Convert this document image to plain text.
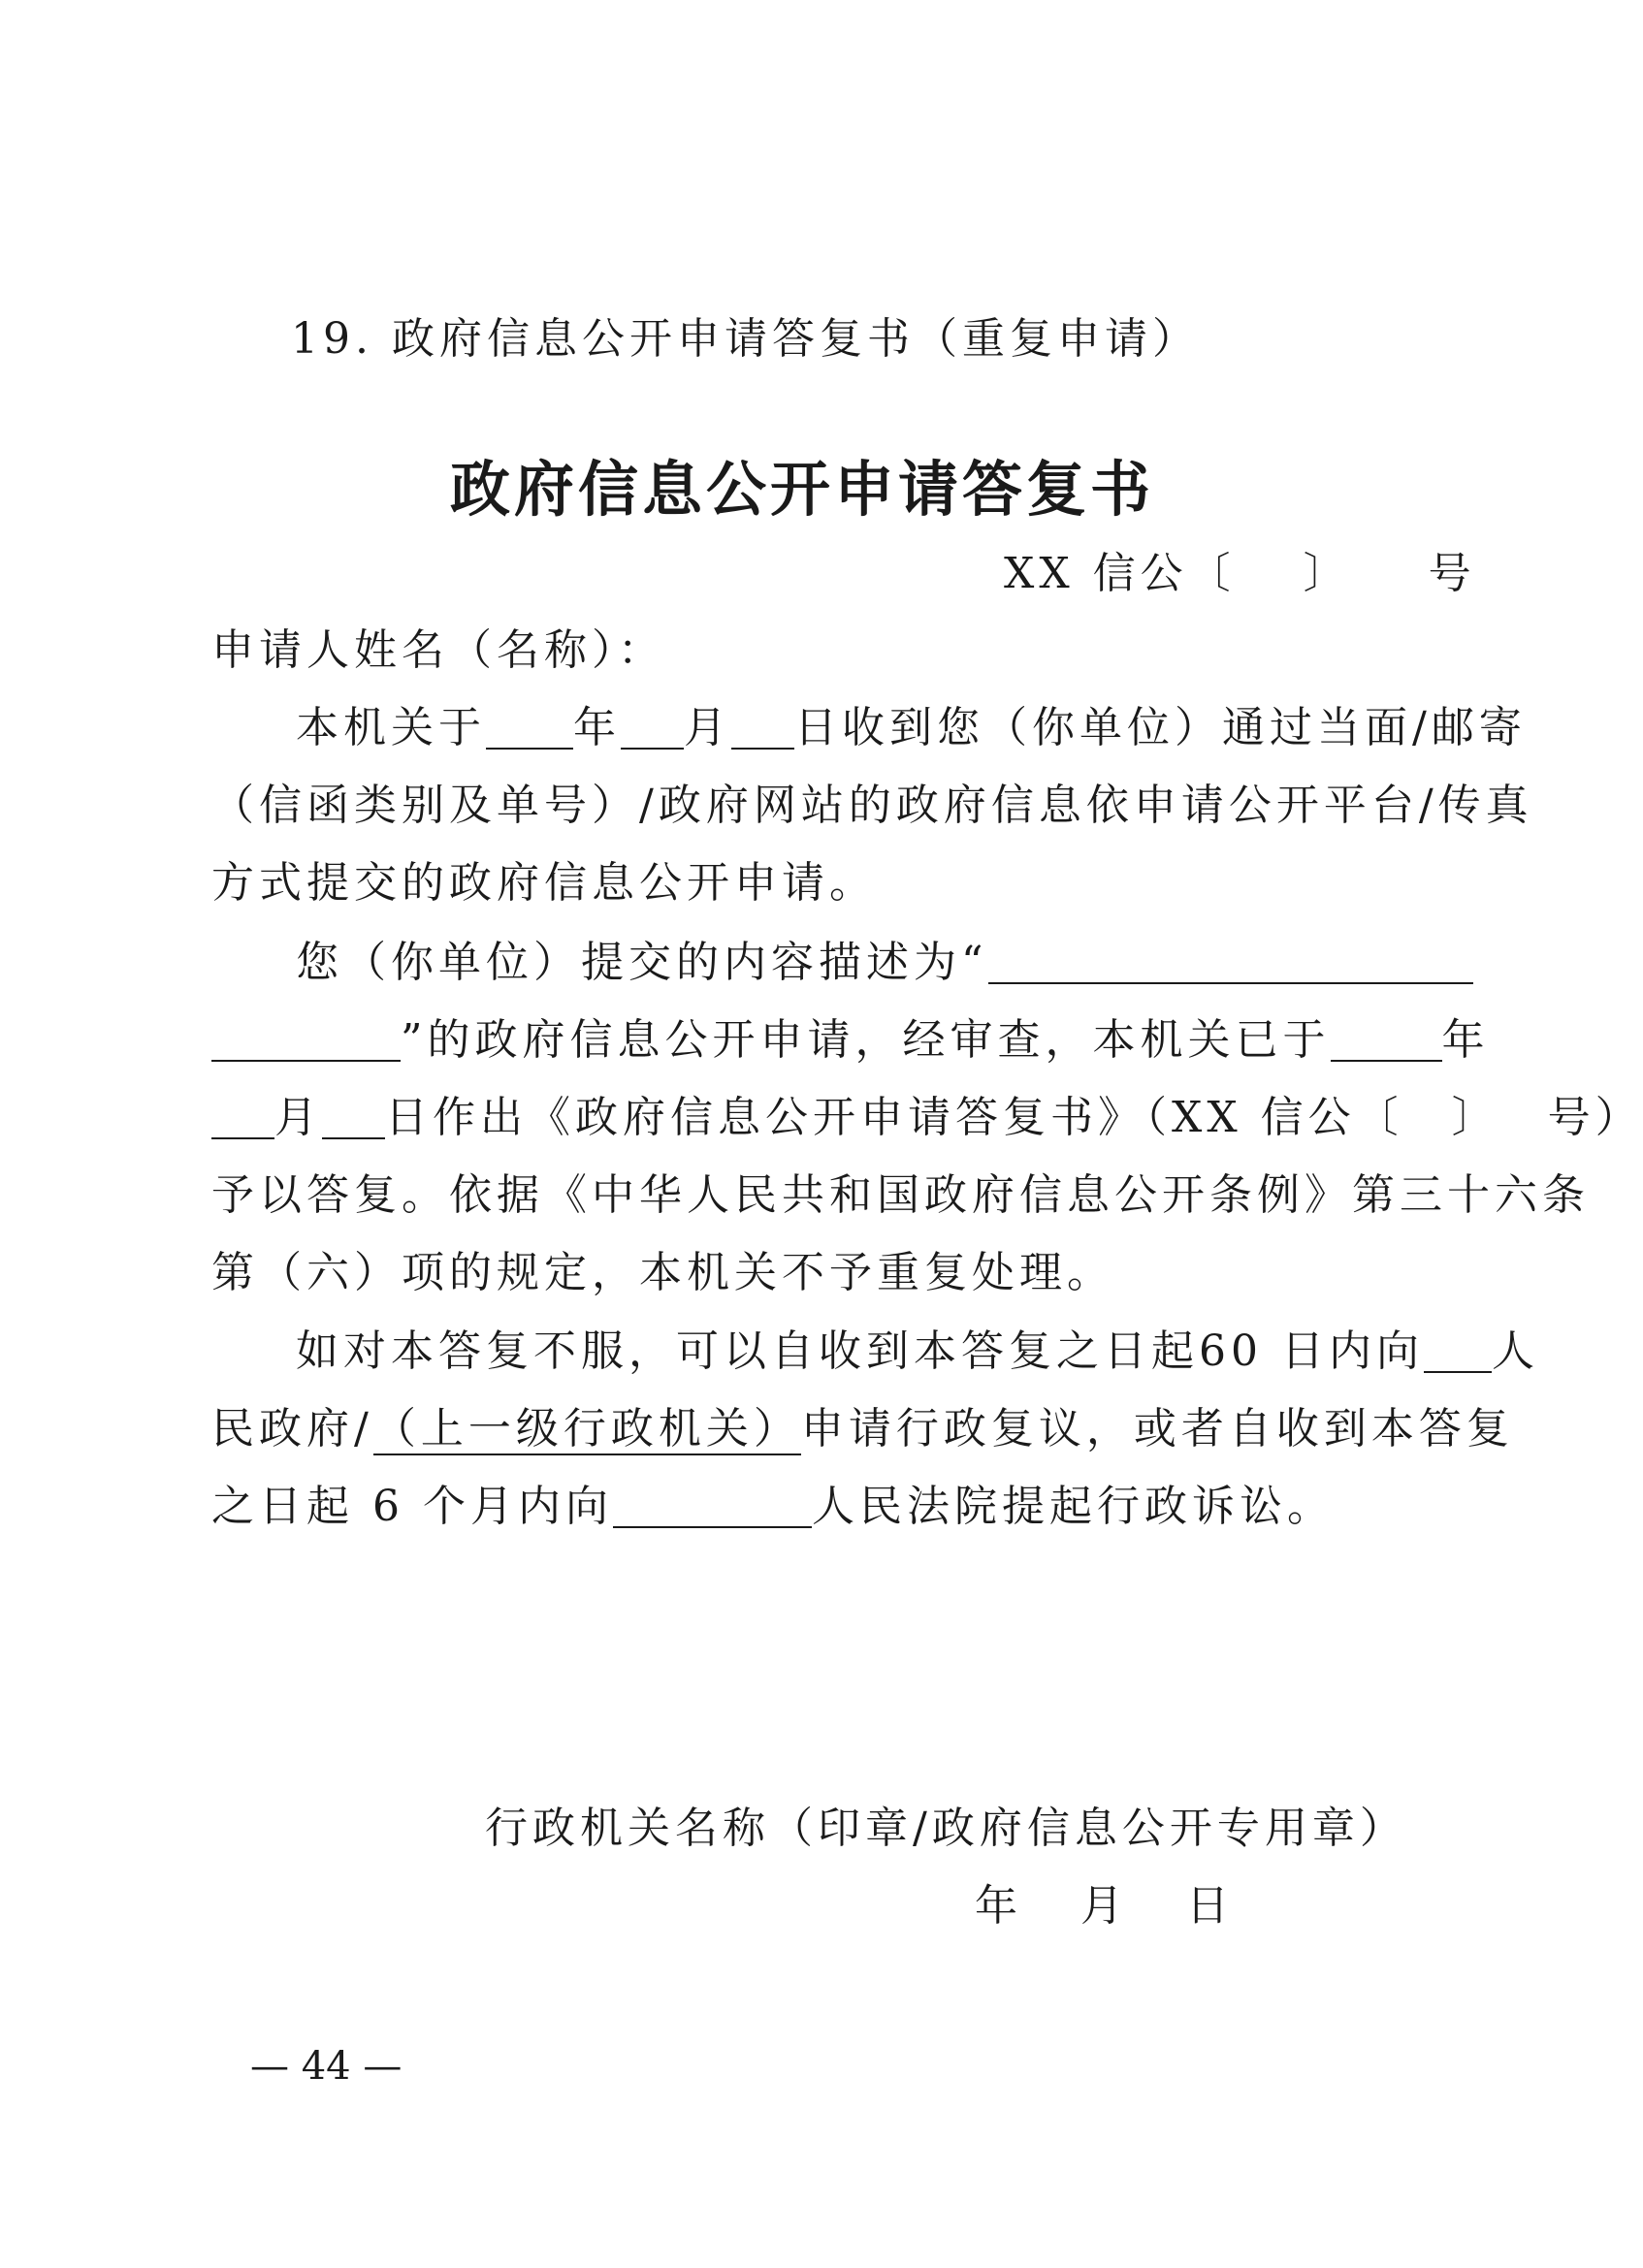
19. 政府信息公开申请答复书（重复申请）
政府信息公开申请答复书
XX 信公〔 〕 号
申请人姓名（名称）：
本机关于 年 月 日收到您（你单位）通过当面/邮寄
（信函类别及单号）/政府网站的政府信息依申请公开平台/传真
方式提交的政府信息公开申请。
您（你单位）提交的内容描述为“
”的政府信息公开申请，经审查，本机关已于	年
月 日作出《政府信息公开申请答复书》（XX 信公〔 〕 号）
予以答复。依据《中华人民共和国政府信息公开条例》第三十六条
第（六）项的规定，本机关不予重复处理。
如对本答复不服，可以自收到本答复之日起60 日内向 人
民政府/（上一级行政机关）申请行政复议，或者自收到本答复
之日起 6 个月内向	人民法院提起行政诉讼。
行政机关名称（印章/政府信息公开专用章）
年 月 日
— 44 —
